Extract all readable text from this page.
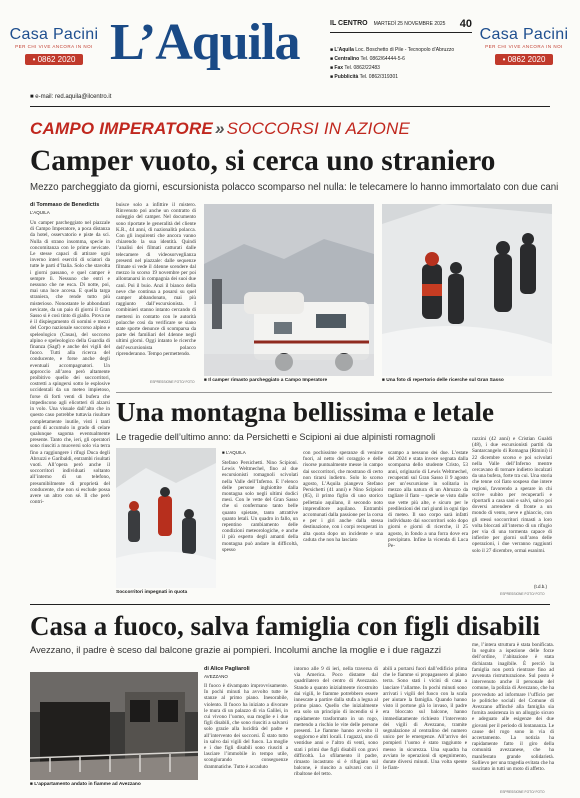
Casa Pacini
PER CHI VIVE ANCORA IN NOI
• 0862 2020 L’Aquila	IL CENTRO MARTEDÌ 25 NOVEMBRE 2025 40
■ L’Aquila Loc. Boschetto di Pile - Tecnopolo d’Abruzzo
■ Centralino Tel. 0862/64444-5-6
■ Fax Tel. 0862/22483
■ Pubblicità Tel. 0862/319301
Casa Pacini
PER CHI VIVE ANCORA IN NOI
• 0862 2020
■ e-mail: red.aquila@ilcentro.it
CAMPO IMPERATORE » SOCCORSI IN AZIONE
Camper vuoto, si cerca uno straniero
Mezzo parcheggiato da giorni, escursionista polacco scomparso nel nulla: le telecamere lo hanno immortalato con due cani
di Tommaso de Benedictis
L’AQUILA
Un camper parcheggiato nel piazzale di Campo Imperatore, a poca distanza da hotel, osservatorio e piste da sci. Nulla di strano insomma, specie in concomitanza con le prime nevicate. Le stesse capaci di attirare ogni inverno interi eserciti di sciatori da tutte le parti d’Italia. Solo che stavolta i giorni passano, e quel camper è sempre lì. Nessuno che entri e nessuno che ne esca. Di notte, poi, mai una luce accesa. E quella targa straniera, che rende tutto più misterioso. Nonostante le abbondanti nevicate, da un paio di giorni il Gran Sasso si è così tinto di giallo. Prova ne è il dispiegamento di uomini e mezzi del Corpo nazionale soccorso alpino e speleologico (Cnsas), del soccorso alpino e speleologico della Guardia di finanza (Sagf) e anche dei vigili del fuoco. Tutti alla ricerca del conducente, e forse anche degli eventuali accompagnatori. Un approccio all’area però altamente proibitivo quello dei soccorritori, costretti a spingersi sotto le esplosive uccidentali da un meteo impietoso, forse di forti venti di bufera che impediscono agli elicotteri di alzarsi in volo. Una visuale dall’alto che in questo caso potrebbe tuttavia risultare completamente inutile, visti i tanti punti di accumulo in grado di celare qualunque sagoma eventualmente presente. Tanto che, ieri, gli operatori sono riusciti a muoversi solo via terra fino a raggiungere i rifugi Duca degli Abruzzi e Garibaldi, entrambi risultati vuoti. All’opera però anche il soccorritori individuati soltanto all’interno di un telefono, presumibilmente di proprietà del conducente, che non si esclude possa avere un altro con sé. Il che però contri-
buisce solo a infittire il mistero. Rinvenuto poi anche un contratto di noleggio del camper. Nel documento sono riportate le generalità del cliente K.R., 44 anni, di nazionalità polacca. Con gli inquirenti che ancora vanno chiarendo la sua identità. Quindi l’analisi dei filmati catturati dalle telecamere di videosorveglianza presenti nel piazzale: dalle sequenze filmate si vede il 44enne scendere dal mezzo lo scorso 19 novembre per poi allontanarsi in compagnia dei suoi due cani. Poi il buio. Anzi il bianco della neve che continua a posarsi su quel camper abbandonato, mai più raggiunto dall’escursionista. I combinieri stanno intanto cercando di mettersi in contatto con le autorità polacche così da verificare se siano state sporte denunce di scomparsa da parte dei familiari del 44enne negli ultimi giorni. Oggi intanto le ricerche dell’escursionista polacco riprenderanno. Tempo permettendo.
■ Il camper rimasto parcheggiato a Campo Imperatore
ESPRESSIONE FOTO/ FOTO	■ Una foto di repertorio delle ricerche sul Gran Sasso
Una montagna bellissima e letale
Le tragedie dell’ultimo anno: da Persichetti e Scipioni ai due alpinisti romagnoli
Soccorritori impegnati in quota
■ L’AQUILA
Stefano Persichetti. Nino Scipioni. Lewis Weltmechel, fino al due escursionisti romagnoli scivolati nella Valle dell’Inferno. E l’elenco delle persone inghiottite dalla montagna solo negli ultimi dodici mesi. Con le vette del Gran Sasso che si confermano tanto belle quanto spietate, tanto attrattive quanto letali. Un quadro in fallo, un repentino cambiamento delle condizioni meteorologiche, e anche il più esperto degli amanti della montagna può andare in difficoltà, spesso
con pochissime speranze di venirne fuori, al netto del coraggio e delle risorse puntualmente messe in campo dai soccorritori, che mostrano di certo non tirarsi indietro. Solo lo scorso agosto, L’Aquila piangeva Stefano Persichetti (41 anni) e Nino Scipioni (85), il primo figlio di uno storico pellettaio aquilano, il secondo noto imprenditore aquilano. Entrambi accomunati dalla passione per la corsa e per i giri anche dalla stessa destinazione, con i corpi recuperati in alta quota dopo un incidente e una caduta che non ha lasciato
scampo a nessuno dei due. L’estate del 2024 e stata invece segnata dalla scomparsa dello studente Cristo, 53 anni, originario di Lewis Weltmechel, recuperati sul Gran Sasso il 9 agosto per un’escursione in solitaria in mezzo alla natura di un Abruzzo da tagliare il fiato – specie se visto dalle sue vette più alte, e sicuro per le predilezioni dei rari giunti in ogni tipo di meteo. Il suo corpo sarà infatti individuato dai soccorritori solo dopo giorni e giorni di ricerche, il 25 agosto, in fondo a una forra dove era precipitato. Infine la vicenda di Luca Pe-
razzini (42 anni) e Cristian Gualdi (48), i due escursionisti partiti da Santarcangelo di Romagna (Rimini) il 22 dicembre scorso e poi scivolati nella Valle dell’Inferno mentre cercavano di tornare indietro incalzati da una bufera, forte tra cui. Una storia che tenne col fiato sospeso due intere regioni, favorendo a sperare in chi scrive subito per recuperarli e riportarli a casa sani e salvi, salvo poi doversi arrendere di fronte a un mondo di vento, neve e ghiaccio, con gli stessi soccorritori rimasti a loro volta bloccati all’interno di un rifugio per via di una tormenta capace di infierire per giorni sull’area delle operazioni, i due verranno raggiunti solo il 27 dicembre, ormai esanimi.
(t.d.b.)
ESPRESSIONE FOTO/ FOTO
Casa a fuoco, salva famiglia con figli disabili
Avezzano, il padre è sceso dal balcone grazie ai pompieri. Incolumi anche la moglie e i due ragazzi
■ L’appartamento andato in fiamme ad Avezzano
di Alice Pagliaroli
AVEZZANO
Il fuoco è divampato improvvisamente. In pochi minuti ha avvolto tutte le stanze al primo piano. Inesorabile, violento. Il fuoco ha iniziato a divorare le mura di un palazzo di via Galilei, in cui vivono l’uomo, sua moglie e i due figli disabili, che sono riusciti a salvarsi solo grazie alla lucidità del padre e all’intervento dei soccorsi. È stato tutto in salvo dai vigili del fuoco. La moglie e i due figli disabili sono riusciti a lasciare l’immobile in tempo utile, scongiurando conseguenze drammatiche. Tutto è accaduto
intorno alle 9 di ieri, nella traversa di via America. Poco distante dal quadrilatero del centro di Avezzano. Stando a quanto inizialmente ricostruito dai vigili, le fiamme potrebbero essere innescate a partire dalla stufa a legna al primo piano. Quello che inizialmente era solo un principio di incendio si è rapidamente trasformato in un rogo, mettendo a rischio le vite delle persone presenti. Le fiamme hanno avvolto il soggiorno e altri locali. I ragazzi, uno di ventidue anni e l’altro di venti, sono stati i primi due figli disabili con gravi difficoltà. Lo sfilamento il padre, rimasto incastrato si è rifugiato sul balcone, è riuscito a salvarsi con il ribaltone del tetto.
abili a portarsi fuori dall’edificio prima che le fiamme si propagassero al piano terra. Sono stati i vicini di casa a lanciare l’allarme. In pochi minuti sono arrivati i vigili del fuoco con la scala per aiutare la famiglia. Quando hanno visto il portone già lo invaso, il padre era bloccato sul balcone, hanno immediatamente richiesto l’intervento dei vigili di Avezzano, tramite segnalazione al centralino del numero unico per le emergenze. All’arrivo dei pompieri l’uomo è stato raggiunto e messo in sicurezza. Una squadra ha avviato le operazioni di spegnimento, durate diversi minuti. Una volta spente le fiam-
me, l’intera struttura è stata bonificata. In seguito a ispezione delle forze dell’ordine, l’abitazione è stata dichiarata inagibile. È perciò la famiglia non potrà rientrare fino ad avvenuta ristrutturazione. Sul posto è intervenuto anche il personale del comune, la polizia di Avezzano, che ha provveduto ad informare l’ufficio per le politiche sociali del Comune di Avezzano affinché alla famiglia sia fornita assistenza in un alloggio sicuro e adeguato alle esigenze dei due giovani per il periodo di lontananza. Le cause del rogo sono in via di accertamento. La notizia ha rapidamente fatto il giro della comunità avezzanese, che ha manifestato grande solidarietà. Sollievo per una tragedia evitata che ha suscitato in tutti un moto di affetto.
ESPRESSIONE FOTO/ FOTO
